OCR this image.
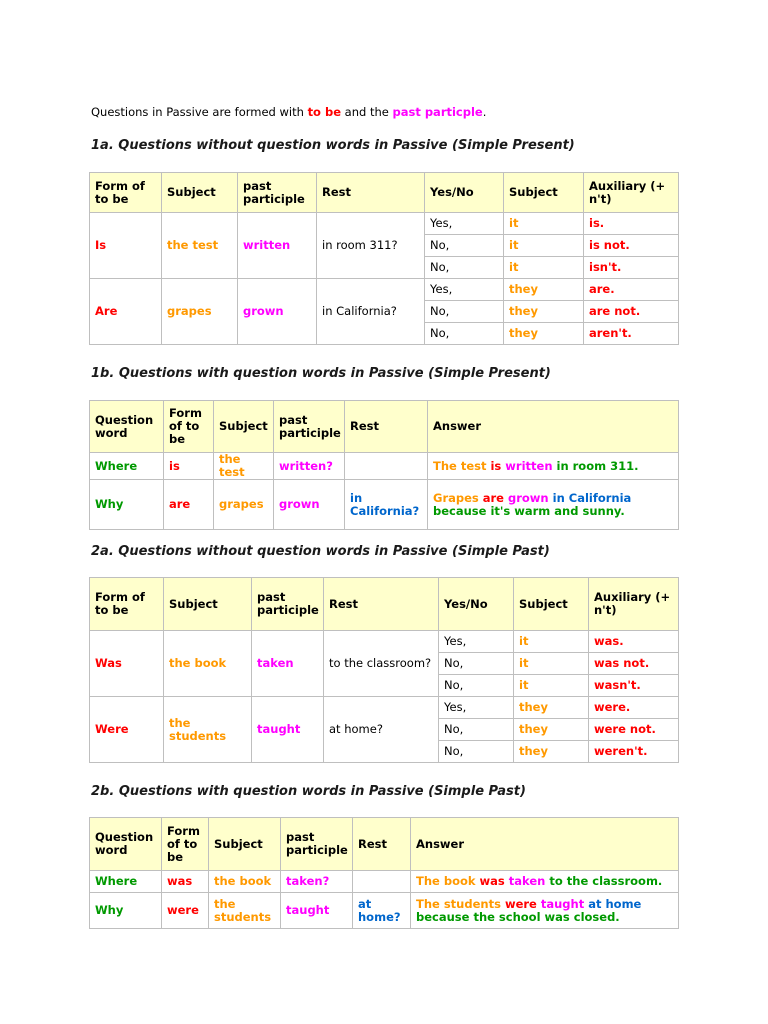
Questions in Passive are formed with to be and the past particple.
1a. Questions without question words in Passive (Simple Present)
Form of to be	Subject	past participle	Rest	Yes/No	Subject	Auxiliary (+ n't)
Is	the test	written	in room 311?	Yes,	it	is.
				No,	it	is not.
				No,	it	isn't.
Are	grapes	grown	in California?	Yes,	they	are.
				No,	they	are not.
				No,	they	aren't.
1b. Questions with question words in Passive (Simple Present)
Question word	Form of to be	Subject	past participle	Rest	Answer
Where	is	the test	written?		The test is written in room 311.
Why	are	grapes	grown	in California?	Grapes are grown in California because it's warm and sunny.
2a. Questions without question words in Passive (Simple Past)
Form of to be	Subject	past participle	Rest	Yes/No	Subject	Auxiliary (+ n't)
Was	the book	taken	to the classroom?	Yes,	it	was.
				No,	it	was not.
				No,	it	wasn't.
Were	the students	taught	at home?	Yes,	they	were.
				No,	they	were not.
				No,	they	weren't.
2b. Questions with question words in Passive (Simple Past)
Question word	Form of to be	Subject	past participle	Rest	Answer
Where	was	the book	taken?		The book was taken to the classroom.
Why	were	the students	taught	at home?	The students were taught at home because the school was closed.
